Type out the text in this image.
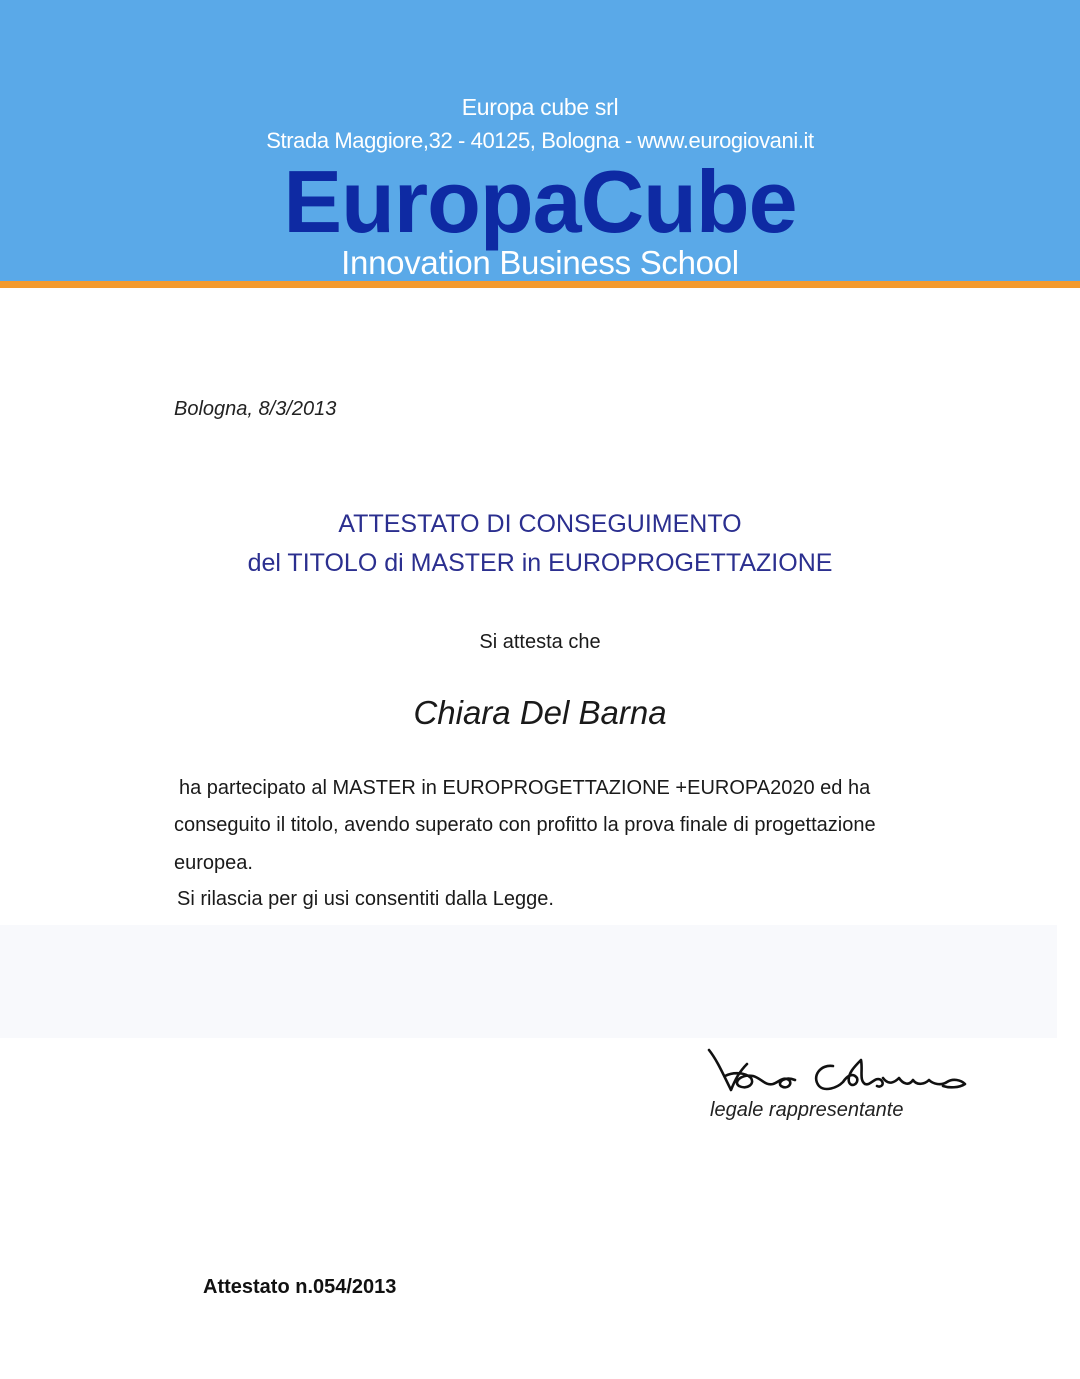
Europa cube srl
Strada Maggiore,32 - 40125, Bologna - www.eurogiovani.it
EuropaCube
Innovation Business School
Bologna, 8/3/2013
ATTESTATO DI CONSEGUIMENTO
del TITOLO di MASTER in EUROPROGETTAZIONE
Si attesta che
Chiara Del Barna
ha partecipato al MASTER in EUROPROGETTAZIONE +EUROPA2020 ed ha
conseguito il titolo, avendo superato con profitto la prova finale di progettazione
europea.
Si rilascia per gi usi consentiti dalla Legge.
legale rappresentante
Attestato n.054/2013
